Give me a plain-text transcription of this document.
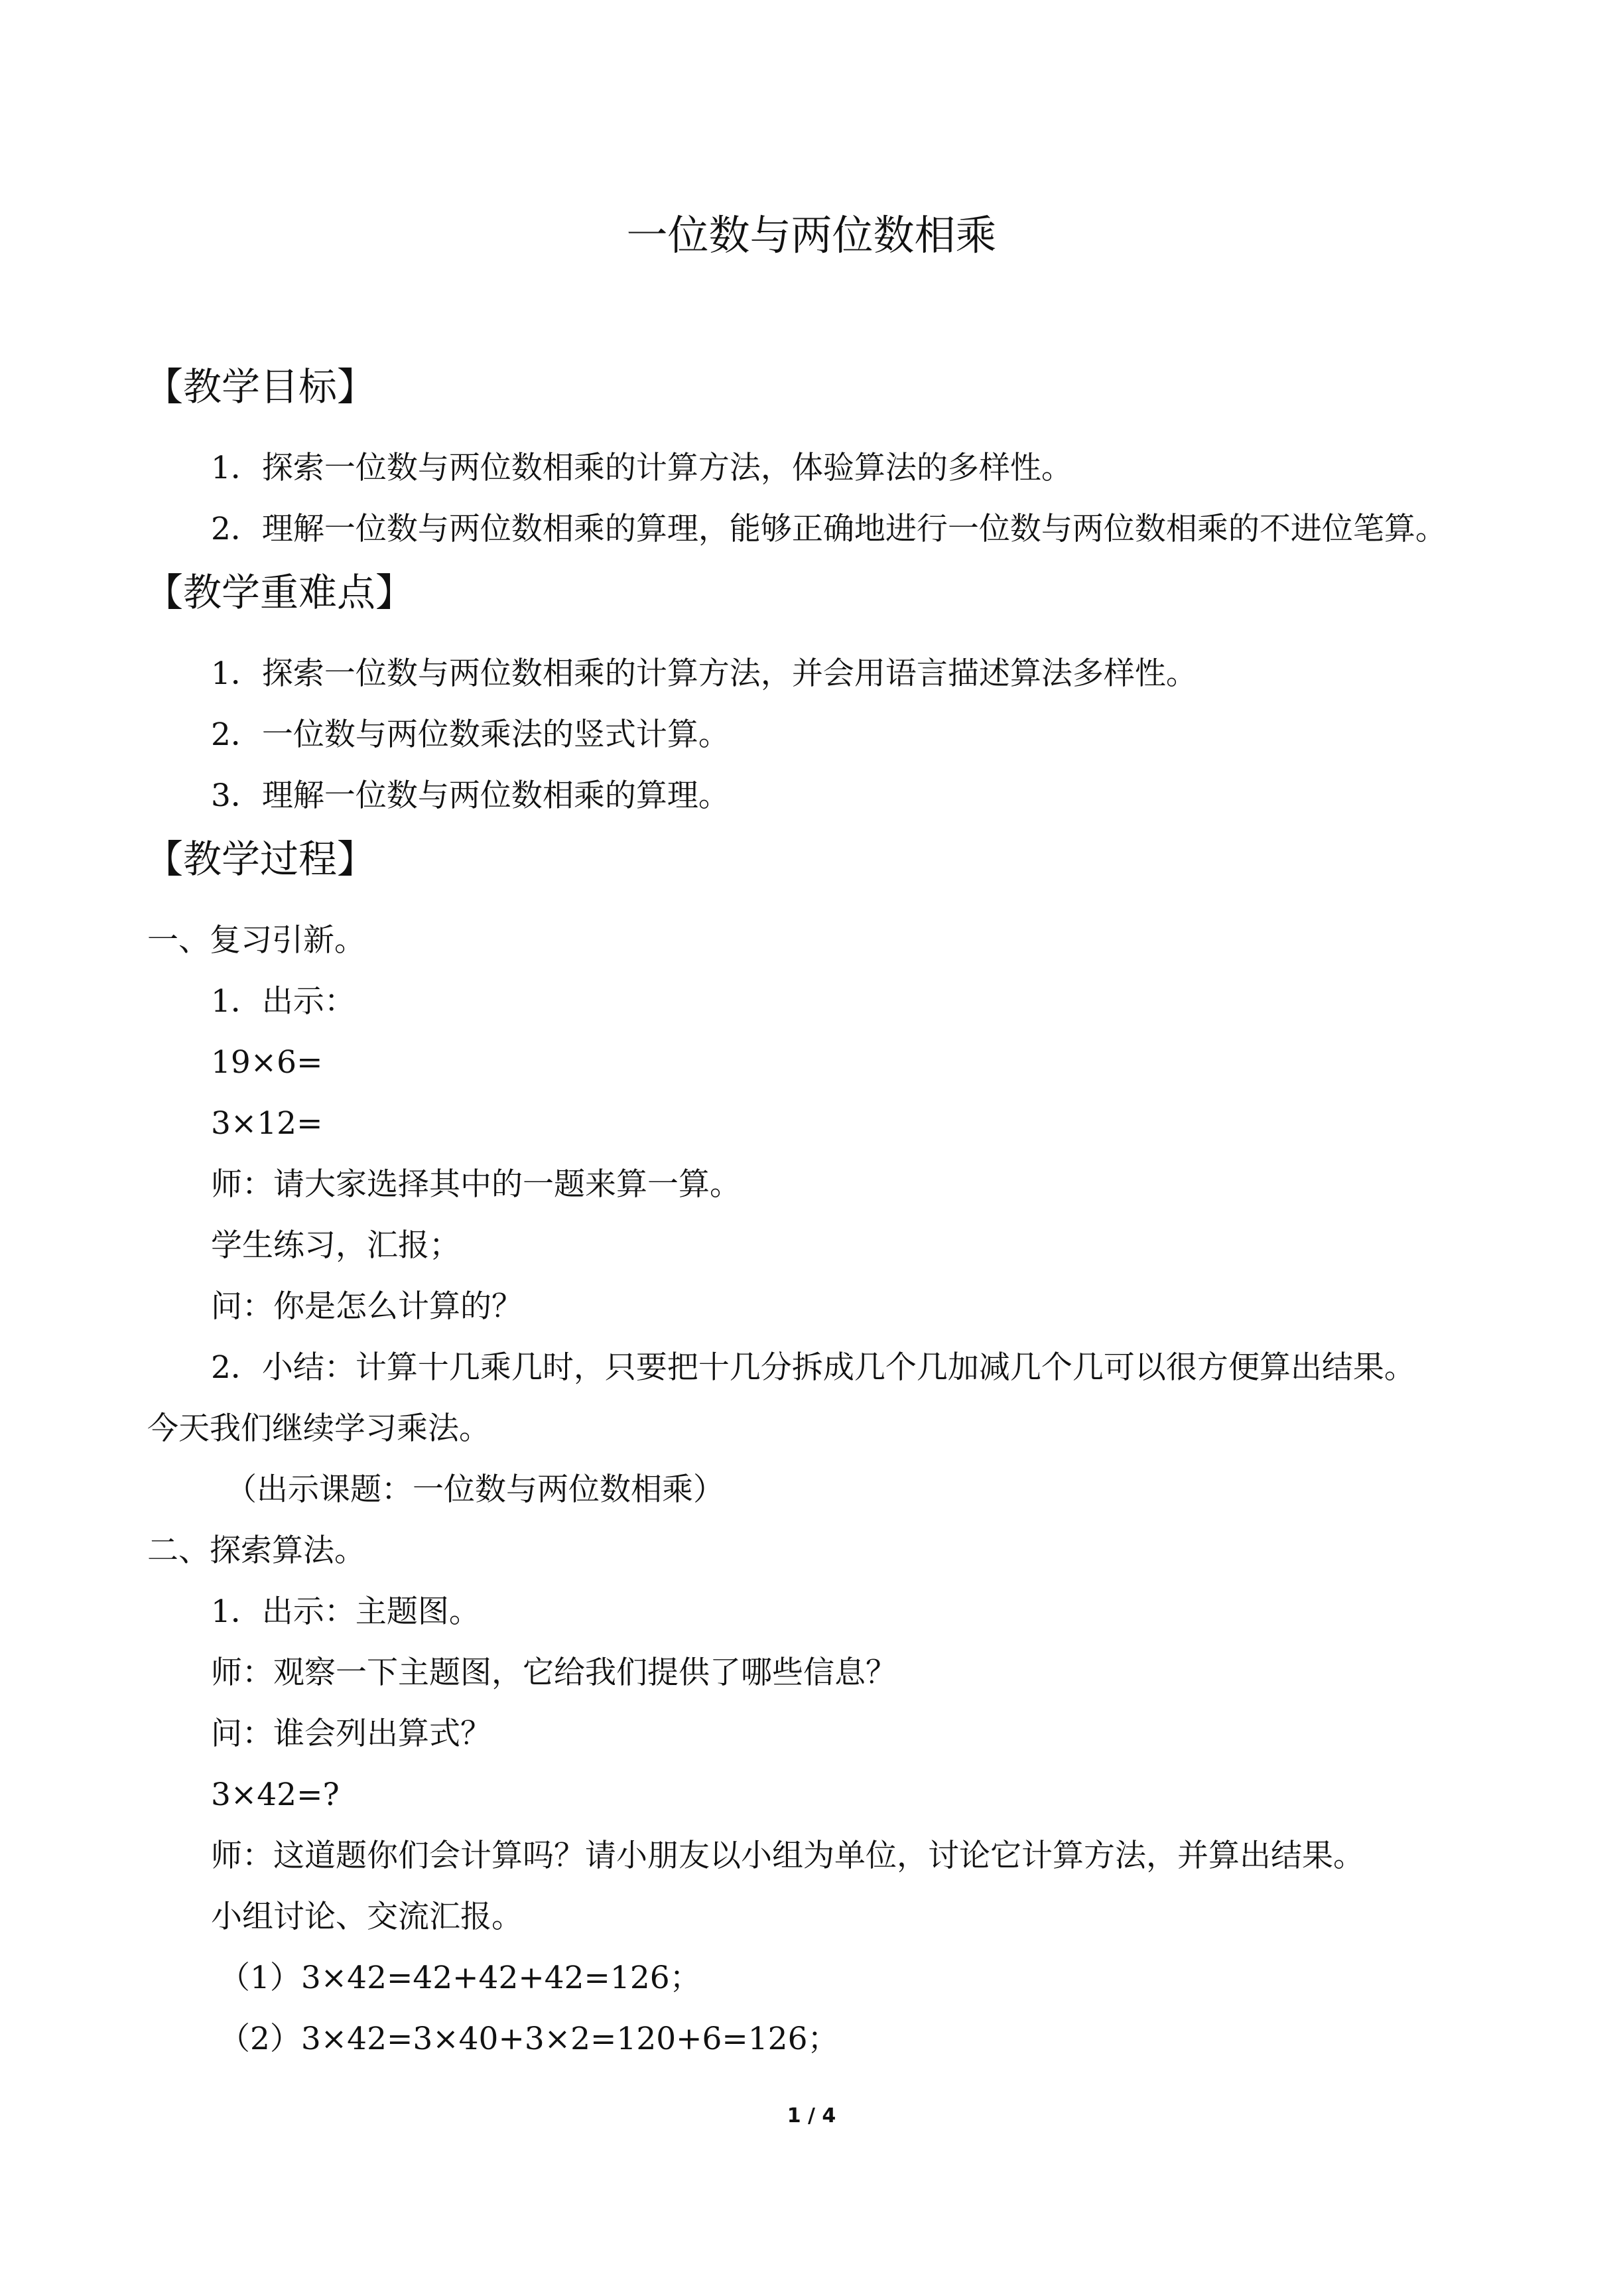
一位数与两位数相乘
【教学目标】
1．探索一位数与两位数相乘的计算方法，体验算法的多样性。
2．理解一位数与两位数相乘的算理，能够正确地进行一位数与两位数相乘的不进位笔算。
【教学重难点】
1．探索一位数与两位数相乘的计算方法，并会用语言描述算法多样性。
2．一位数与两位数乘法的竖式计算。
3．理解一位数与两位数相乘的算理。
【教学过程】
一、复习引新。
1．出示：
19×6=
3×12=
师：请大家选择其中的一题来算一算。
学生练习，汇报；
问：你是怎么计算的？
2．小结：计算十几乘几时，只要把十几分拆成几个几加减几个几可以很方便算出结果。
今天我们继续学习乘法。
（出示课题：一位数与两位数相乘）
二、探索算法。
1．出示：主题图。
师：观察一下主题图，它给我们提供了哪些信息？
问：谁会列出算式？
3×42=?
师：这道题你们会计算吗？请小朋友以小组为单位，讨论它计算方法，并算出结果。
小组讨论、交流汇报。
（1）3×42=42+42+42=126；
（2）3×42=3×40+3×2=120+6=126；
1 / 4
